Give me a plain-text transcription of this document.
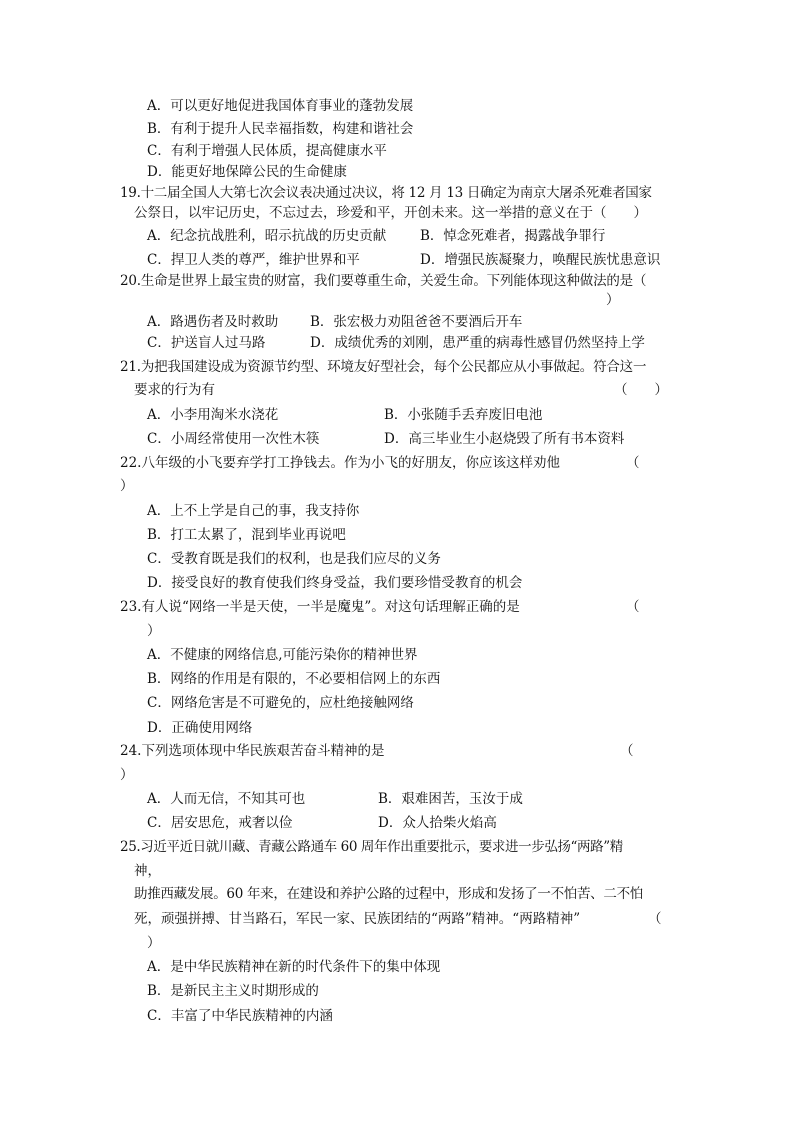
A．可以更好地促进我国体育事业的蓬勃发展
B．有利于提升人民幸福指数，构建和谐社会
C．有利于增强人民体质，提高健康水平
D．能更好地保障公民的生命健康
19.十二届全国人大第七次会议表决通过决议，将 12 月 13 日确定为南京大屠杀死难者国家
公祭日，以牢记历史，不忘过去，珍爱和平，开创未来。这一举措的意义在于（　　）
A．纪念抗战胜利，昭示抗战的历史贡献	B．悼念死难者，揭露战争罪行
C．捍卫人类的尊严，维护世界和平	D．增强民族凝聚力，唤醒民族忧患意识
20.生命是世界上最宝贵的财富，我们要尊重生命，关爱生命。下列能体现这种做法的是（
）
A．路遇伤者及时救助 B．张宏极力劝阻爸爸不要酒后开车
C．护送盲人过马路	D．成绩优秀的刘刚，患严重的病毒性感冒仍然坚持上学
21.为把我国建设成为资源节约型、环境友好型社会，每个公民都应从小事做起。符合这一
要求的行为有	（　　）
A．小李用淘米水浇花	B．小张随手丢弃废旧电池
C．小周经常使用一次性木筷	D．高三毕业生小赵烧毁了所有书本资料
22.八年级的小飞要弃学打工挣钱去。作为小飞的好朋友，你应该这样劝他	（
）
A．上不上学是自己的事，我支持你
B．打工太累了，混到毕业再说吧
C．受教育既是我们的权利，也是我们应尽的义务
D．接受良好的教育使我们终身受益，我们要珍惜受教育的机会
23.有人说“网络一半是天使，一半是魔鬼”。对这句话理解正确的是	（
）
A．不健康的网络信息,可能污染你的精神世界
B．网络的作用是有限的，不必要相信网上的东西
C．网络危害是不可避免的，应杜绝接触网络
D．正确使用网络
24.下列选项体现中华民族艰苦奋斗精神的是	（
）
A．人而无信，不知其可也	B．艰难困苦，玉汝于成
C．居安思危，戒奢以俭	D．众人拾柴火焰高
25.习近平近日就川藏、青藏公路通车 60 周年作出重要批示，要求进一步弘扬“两路”精
神，
助推西藏发展。60 年来，在建设和养护公路的过程中，形成和发扬了一不怕苦、二不怕
死，顽强拼搏、甘当路石，军民一家、民族团结的“两路”精神。“两路精神”	（
）
A．是中华民族精神在新的时代条件下的集中体现
B．是新民主主义时期形成的
C．丰富了中华民族精神的内涵
